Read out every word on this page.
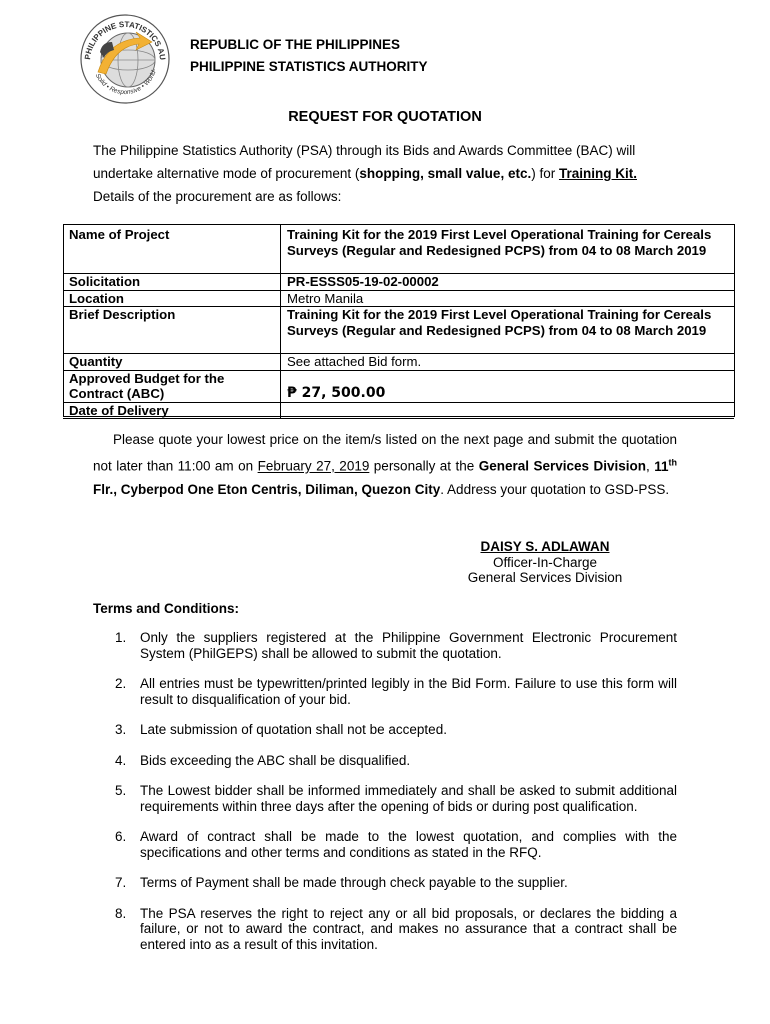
PHILIPPINE STATISTICS AU
Solid • Responsive • World-
REPUBLIC OF THE PHILIPPINES
PHILIPPINE STATISTICS AUTHORITY
REQUEST FOR QUOTATION
The Philippine Statistics Authority (PSA) through its Bids and Awards Committee (BAC) will undertake alternative mode of procurement (shopping, small value, etc.) for Training Kit.
Details of the procurement are as follows:
Name of Project	Training Kit for the 2019 First Level Operational Training for Cereals Surveys (Regular and Redesigned PCPS) from 04 to 08 March 2019
Solicitation	PR-ESSS05-19-02-00002
Location	Metro Manila
Brief Description	Training Kit for the 2019 First Level Operational Training for Cereals Surveys (Regular and Redesigned PCPS) from 04 to 08 March 2019
Quantity	See attached Bid form.
Approved Budget for the Contract (ABC)	₱ 27, 500.00
Date of Delivery	
Please quote your lowest price on the item/s listed on the next page and submit the quotation not later than 11:00 am on February 27, 2019 personally at the General Services Division, 11th Flr., Cyberpod One Eton Centris, Diliman, Quezon City. Address your quotation to GSD-PSS.
DAISY S. ADLAWAN
Officer-In-Charge
General Services Division
Terms and Conditions:
1. Only the suppliers registered at the Philippine Government Electronic Procurement System (PhilGEPS) shall be allowed to submit the quotation.
2. All entries must be typewritten/printed legibly in the Bid Form. Failure to use this form will result to disqualification of your bid.
3. Late submission of quotation shall not be accepted.
4. Bids exceeding the ABC shall be disqualified.
5. The Lowest bidder shall be informed immediately and shall be asked to submit additional requirements within three days after the opening of bids or during post qualification.
6. Award of contract shall be made to the lowest quotation, and complies with the specifications and other terms and conditions as stated in the RFQ.
7. Terms of Payment shall be made through check payable to the supplier.
8. The PSA reserves the right to reject any or all bid proposals, or declares the bidding a failure, or not to award the contract, and makes no assurance that a contract shall be entered into as a result of this invitation.
